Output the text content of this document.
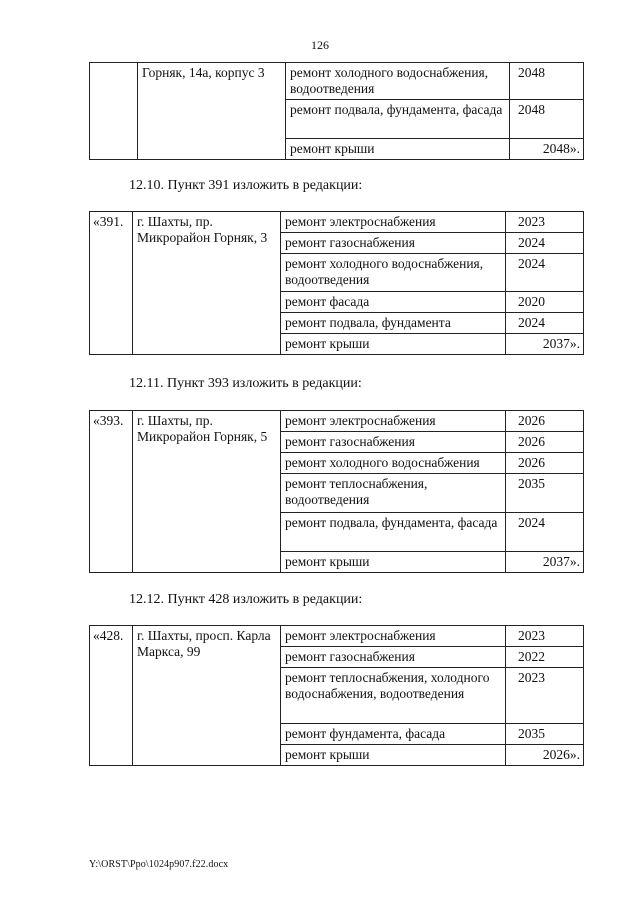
126
	Горняк, 14а, корпус 3	ремонт холодного водоснабжения, водоотведения	2048
		ремонт подвала, фундамента, фасада	2048
		ремонт крыши	2048».
12.10. Пункт 391 изложить в редакции:
«391.	г. Шахты, пр. Микрорайон Горняк, 3	ремонт электроснабжения	2023
		ремонт газоснабжения	2024
		ремонт холодного водоснабжения, водоотведения	2024
		ремонт фасада	2020
		ремонт подвала, фундамента	2024
		ремонт крыши	2037».
12.11. Пункт 393 изложить в редакции:
«393.	г. Шахты, пр. Микрорайон Горняк, 5	ремонт электроснабжения	2026
		ремонт газоснабжения	2026
		ремонт холодного водоснабжения	2026
		ремонт теплоснабжения, водоотведения	2035
		ремонт подвала, фундамента, фасада	2024
		ремонт крыши	2037».
12.12. Пункт 428 изложить в редакции:
«428.	г. Шахты, просп. Карла Маркса, 99	ремонт электроснабжения	2023
		ремонт газоснабжения	2022
		ремонт теплоснабжения, холодного водоснабжения, водоотведения	2023
		ремонт фундамента, фасада	2035
		ремонт крыши	2026».
Y:\ORST\Ppo\1024p907.f22.docx
